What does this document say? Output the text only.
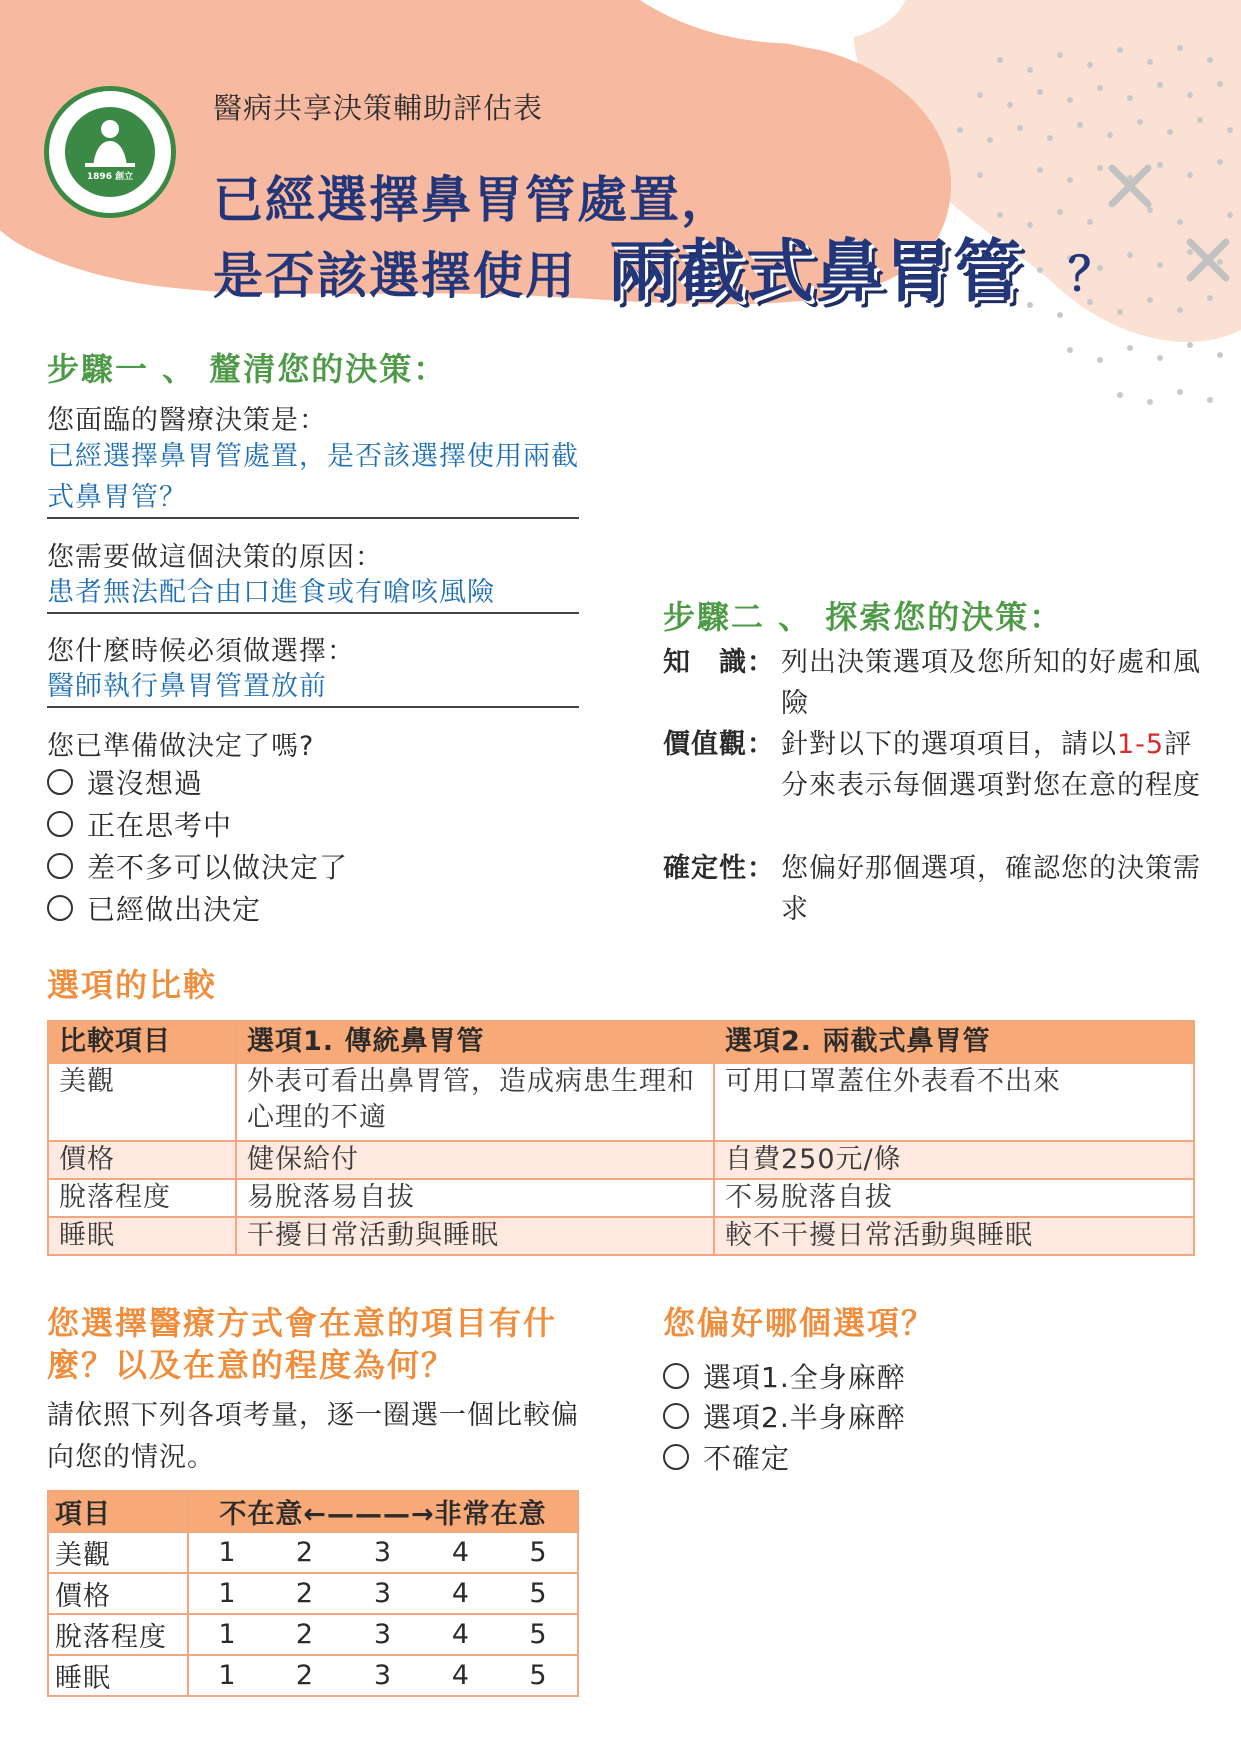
1896 創立
醫病共享決策輔助評估表
已經選擇鼻胃管處置，
是否該選擇使用 兩截式鼻胃管 ？
步驟一 、 釐清您的決策：
您面臨的醫療決策是：
已經選擇鼻胃管處置，是否該選擇使用兩截式鼻胃管？
您需要做這個決策的原因：
患者無法配合由口進食或有嗆咳風險
您什麼時候必須做選擇：
醫師執行鼻胃管置放前
您已準備做決定了嗎?
還沒想過
正在思考中
差不多可以做決定了
已經做出決定
步驟二 、 探索您的決策：
知　識： 列出決策選項及您所知的好處和風險
價值觀： 針對以下的選項項目，請以1-5評分來表示每個選項對您在意的程度
確定性： 您偏好那個選項，確認您的決策需求
選項的比較
比較項目	選項1. 傳統鼻胃管	選項2. 兩截式鼻胃管
美觀	外表可看出鼻胃管，造成病患生理和心理的不適	可用口罩蓋住外表看不出來
價格	健保給付	自費250元/條
脫落程度	易脫落易自拔	不易脫落自拔
睡眠	干擾日常活動與睡眠	較不干擾日常活動與睡眠
您選擇醫療方式會在意的項目有什麼？以及在意的程度為何？
請依照下列各項考量，逐一圈選一個比較偏向您的情況。
項目	不在意←———→非常在意				
美觀	1	2	3	4	5
價格	1	2	3	4	5
脫落程度	1	2	3	4	5
睡眠	1	2	3	4	5
您偏好哪個選項？
選項1.全身麻醉
選項2.半身麻醉
不確定
